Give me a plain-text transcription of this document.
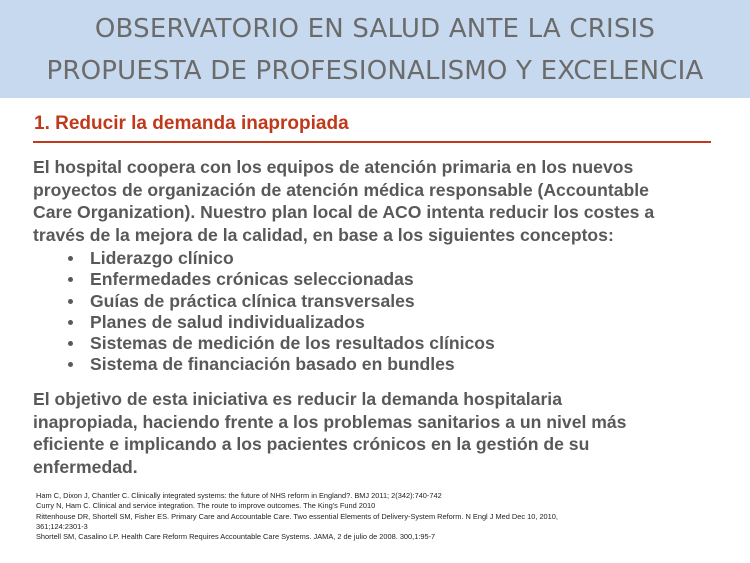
OBSERVATORIO EN SALUD ANTE LA CRISIS
PROPUESTA DE PROFESIONALISMO Y EXCELENCIA
1. Reducir la demanda inapropiada
El hospital coopera con los equipos de atención primaria en los nuevos
proyectos de organización de atención médica responsable (Accountable
Care Organization). Nuestro plan local de ACO intenta reducir los costes a
través de la mejora de la calidad, en base a los siguientes conceptos:
Liderazgo clínico
Enfermedades crónicas seleccionadas
Guías de práctica clínica transversales
Planes de salud individualizados
Sistemas de medición de los resultados clínicos
Sistema de financiación basado en bundles
El objetivo de esta iniciativa es reducir la demanda hospitalaria
inapropiada, haciendo frente a los problemas sanitarios a un nivel más
eficiente e implicando a los pacientes crónicos en la gestión de su
enfermedad.
Ham C, Dixon J, Chantler C. Clinically integrated systems: the future of NHS reform in England?. BMJ 2011; 2(342):740-742
Curry N, Ham C. Clinical and service integration. The route to improve outcomes. The King's Fund 2010
Rittenhouse DR, Shortell SM, Fisher ES. Primary Care and Accountable Care. Two essential Elements of Delivery-System Reform. N Engl J Med Dec 10, 2010,
361;124:2301-3
Shortell SM, Casalino LP. Health Care Reform Requires Accountable Care Systems. JAMA, 2 de julio de 2008. 300,1:95-7
